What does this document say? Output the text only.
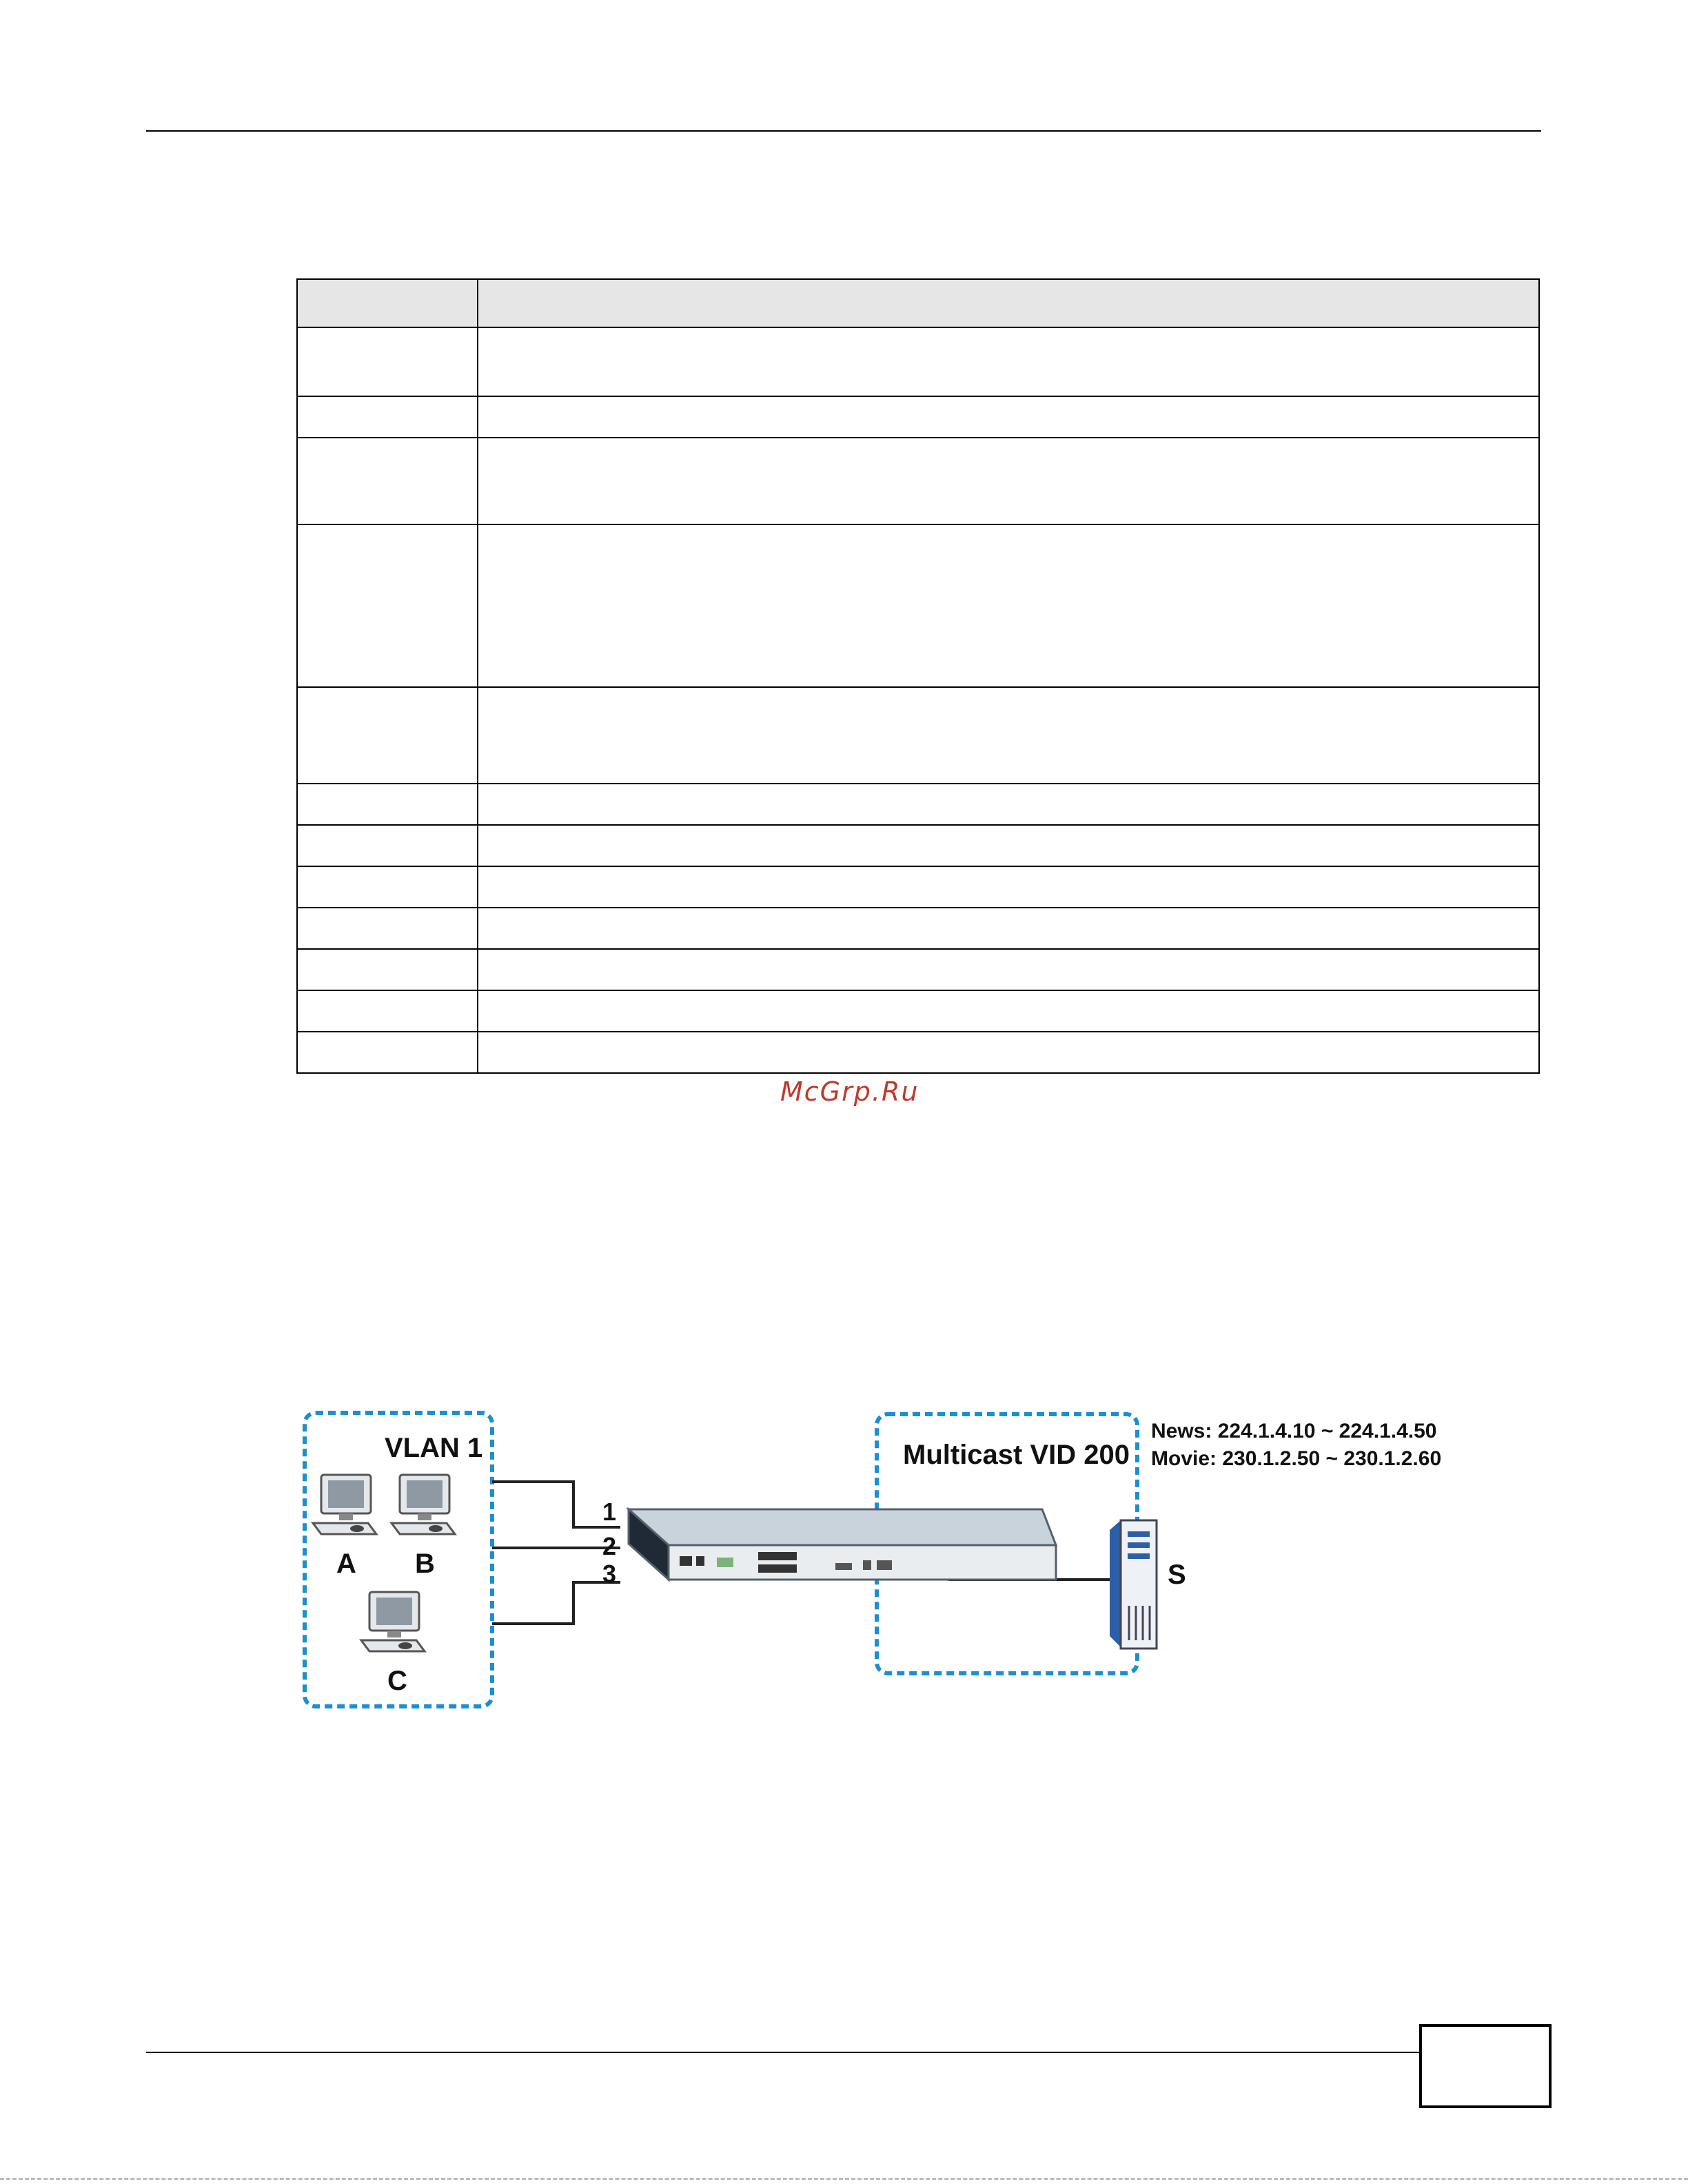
McGrp.Ru
VLAN 1	Multicast VID 200
News: 224.1.4.10 ~ 224.1.4.50
Movie: 230.1.2.50 ~ 230.1.2.60
A B
C
1
2
3	S
